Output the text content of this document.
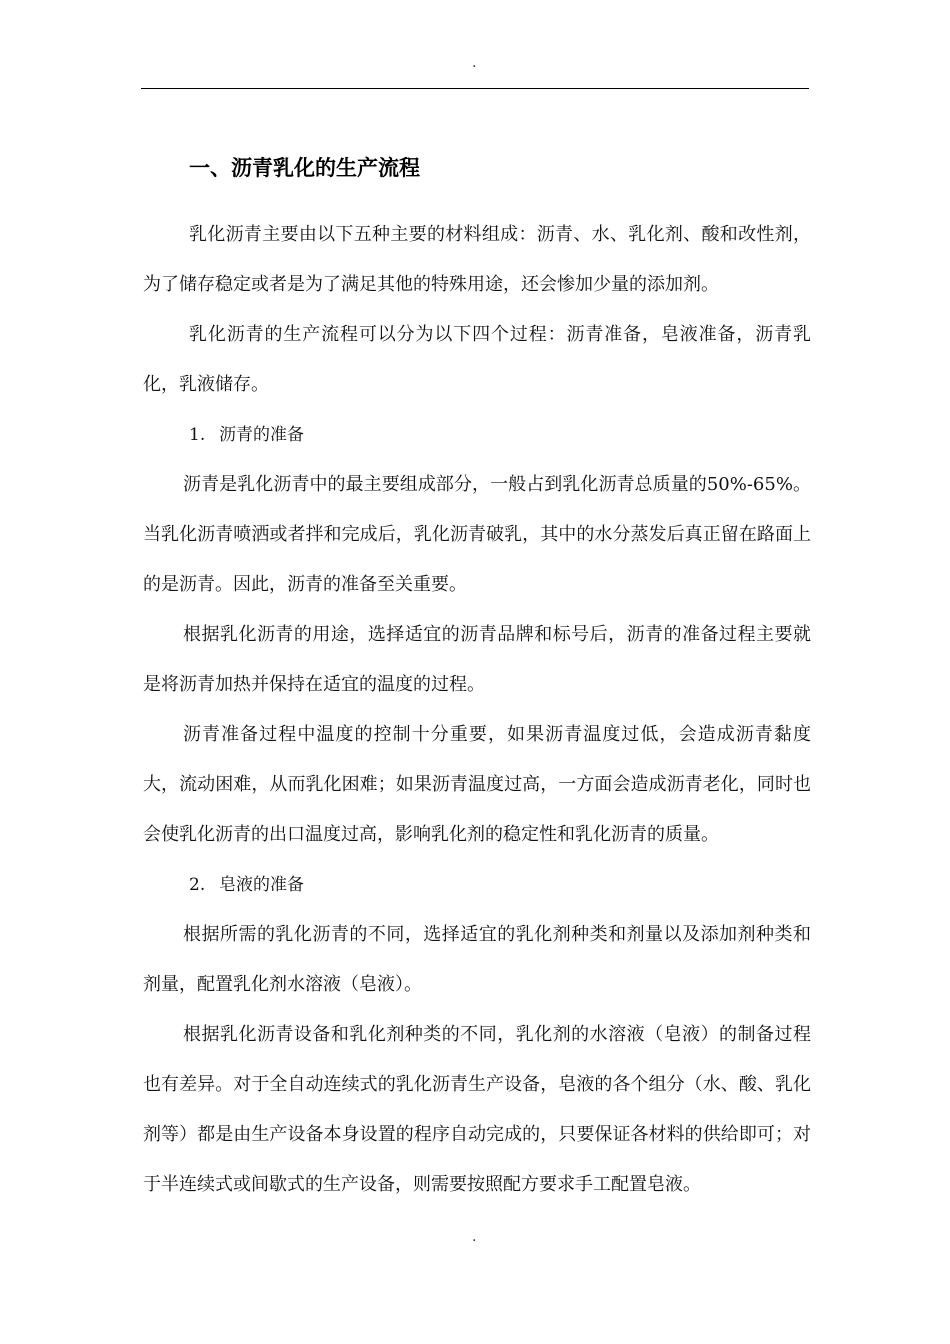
.
一、沥青乳化的生产流程

乳化沥青主要由以下五种主要的材料组成：沥青、水、乳化剂、酸和改性剂，为了储存稳定或者是为了满足其他的特殊用途，还会惨加少量的添加剂。

乳化沥青的生产流程可以分为以下四个过程：沥青准备，皂液准备，沥青乳化，乳液储存。

1. 沥青的准备

沥青是乳化沥青中的最主要组成部分，一般占到乳化沥青总质量的50%-65%。当乳化沥青喷洒或者拌和完成后，乳化沥青破乳，其中的水分蒸发后真正留在路面上的是沥青。因此，沥青的准备至关重要。

根据乳化沥青的用途，选择适宜的沥青品牌和标号后，沥青的准备过程主要就是将沥青加热并保持在适宜的温度的过程。

沥青准备过程中温度的控制十分重要，如果沥青温度过低，会造成沥青黏度大，流动困难，从而乳化困难；如果沥青温度过高，一方面会造成沥青老化，同时也会使乳化沥青的出口温度过高，影响乳化剂的稳定性和乳化沥青的质量。

2. 皂液的准备

根据所需的乳化沥青的不同，选择适宜的乳化剂种类和剂量以及添加剂种类和剂量，配置乳化剂水溶液（皂液）。

根据乳化沥青设备和乳化剂种类的不同，乳化剂的水溶液（皂液）的制备过程也有差异。对于全自动连续式的乳化沥青生产设备，皂液的各个组分（水、酸、乳化剂等）都是由生产设备本身设置的程序自动完成的，只要保证各材料的供给即可；对于半连续式或间歇式的生产设备，则需要按照配方要求手工配置皂液。

.
